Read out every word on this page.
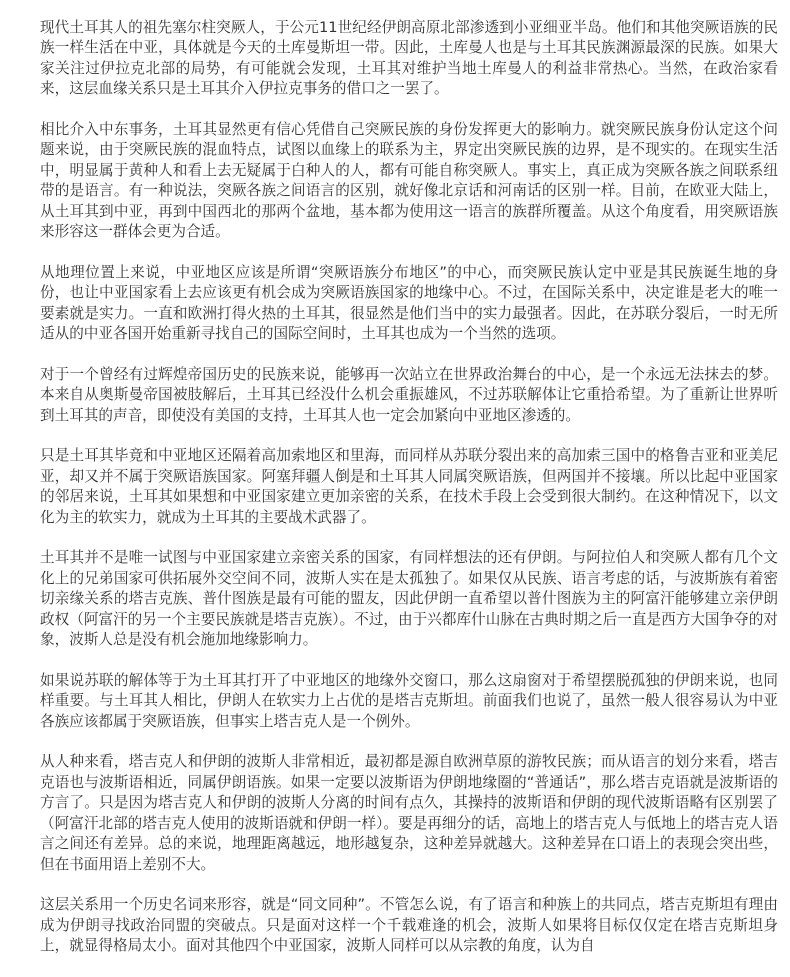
现代土耳其人的祖先塞尔柱突厥人，于公元11世纪经伊朗高原北部渗透到小亚细亚半岛。他们和其他突厥语族的民族一样生活在中亚，具体就是今天的土库曼斯坦一带。因此，土库曼人也是与土耳其民族渊源最深的民族。如果大家关注过伊拉克北部的局势，有可能就会发现，土耳其对维护当地土库曼人的利益非常热心。当然，在政治家看来，这层血缘关系只是土耳其介入伊拉克事务的借口之一罢了。

相比介入中东事务，土耳其显然更有信心凭借自己突厥民族的身份发挥更大的影响力。就突厥民族身份认定这个问题来说，由于突厥民族的混血特点，试图以血缘上的联系为主，界定出突厥民族的边界，是不现实的。在现实生活中，明显属于黄种人和看上去无疑属于白种人的人，都有可能自称突厥人。事实上，真正成为突厥各族之间联系纽带的是语言。有一种说法，突厥各族之间语言的区别，就好像北京话和河南话的区别一样。目前，在欧亚大陆上，从土耳其到中亚，再到中国西北的那两个盆地，基本都为使用这一语言的族群所覆盖。从这个角度看，用突厥语族来形容这一群体会更为合适。

从地理位置上来说，中亚地区应该是所谓“突厥语族分布地区”的中心，而突厥民族认定中亚是其民族诞生地的身份，也让中亚国家看上去应该更有机会成为突厥语族国家的地缘中心。不过，在国际关系中，决定谁是老大的唯一要素就是实力。一直和欧洲打得火热的土耳其，很显然是他们当中的实力最强者。因此，在苏联分裂后，一时无所适从的中亚各国开始重新寻找自己的国际空间时，土耳其也成为一个当然的选项。

对于一个曾经有过辉煌帝国历史的民族来说，能够再一次站立在世界政治舞台的中心，是一个永远无法抹去的梦。本来自从奥斯曼帝国被肢解后，土耳其已经没什么机会重振雄风，不过苏联解体让它重拾希望。为了重新让世界听到土耳其的声音，即使没有美国的支持，土耳其人也一定会加紧向中亚地区渗透的。

只是土耳其毕竟和中亚地区还隔着高加索地区和里海，而同样从苏联分裂出来的高加索三国中的格鲁吉亚和亚美尼亚，却又并不属于突厥语族国家。阿塞拜疆人倒是和土耳其人同属突厥语族，但两国并不接壤。所以比起中亚国家的邻居来说，土耳其如果想和中亚国家建立更加亲密的关系，在技术手段上会受到很大制约。在这种情况下，以文化为主的软实力，就成为土耳其的主要战术武器了。

土耳其并不是唯一试图与中亚国家建立亲密关系的国家，有同样想法的还有伊朗。与阿拉伯人和突厥人都有几个文化上的兄弟国家可供拓展外交空间不同，波斯人实在是太孤独了。如果仅从民族、语言考虑的话，与波斯族有着密切亲缘关系的塔吉克族、普什图族是最有可能的盟友，因此伊朗一直希望以普什图族为主的阿富汗能够建立亲伊朗政权（阿富汗的另一个主要民族就是塔吉克族）。不过，由于兴都库什山脉在古典时期之后一直是西方大国争夺的对象，波斯人总是没有机会施加地缘影响力。

如果说苏联的解体等于为土耳其打开了中亚地区的地缘外交窗口，那么这扇窗对于希望摆脱孤独的伊朗来说，也同样重要。与土耳其人相比，伊朗人在软实力上占优的是塔吉克斯坦。前面我们也说了，虽然一般人很容易认为中亚各族应该都属于突厥语族，但事实上塔吉克人是一个例外。

从人种来看，塔吉克人和伊朗的波斯人非常相近，最初都是源自欧洲草原的游牧民族；而从语言的划分来看，塔吉克语也与波斯语相近，同属伊朗语族。如果一定要以波斯语为伊朗地缘圈的“普通话”，那么塔吉克语就是波斯语的方言了。只是因为塔吉克人和伊朗的波斯人分离的时间有点久，其操持的波斯语和伊朗的现代波斯语略有区别罢了（阿富汗北部的塔吉克人使用的波斯语就和伊朗一样）。要是再细分的话，高地上的塔吉克人与低地上的塔吉克人语言之间还有差异。总的来说，地理距离越远，地形越复杂，这种差异就越大。这种差异在口语上的表现会突出些，但在书面用语上差别不大。

这层关系用一个历史名词来形容，就是“同文同种”。不管怎么说，有了语言和种族上的共同点，塔吉克斯坦有理由成为伊朗寻找政治同盟的突破点。只是面对这样一个千载难逢的机会，波斯人如果将目标仅仅定在塔吉克斯坦身上，就显得格局太小。面对其他四个中亚国家，波斯人同样可以从宗教的角度，认为自
